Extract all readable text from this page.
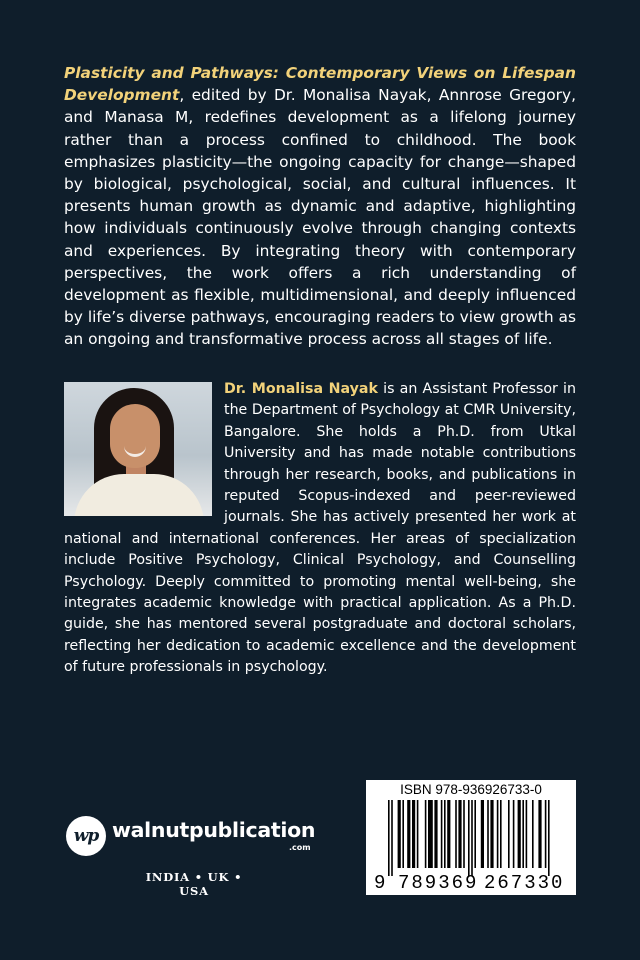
Plasticity and Pathways: Contemporary Views on Lifespan Development, edited by Dr. Monalisa Nayak, Annrose Gregory, and Manasa M, redefines development as a lifelong journey rather than a process confined to childhood. The book emphasizes plasticity—the ongoing capacity for change—shaped by biological, psychological, social, and cultural influences. It presents human growth as dynamic and adaptive, highlighting how individuals continuously evolve through changing contexts and experiences. By integrating theory with contemporary perspectives, the work offers a rich understanding of development as flexible, multidimensional, and deeply influenced by life’s diverse pathways, encouraging readers to view growth as an ongoing and transformative process across all stages of life.

Dr. Monalisa Nayak is an Assistant Professor in the Department of Psychology at CMR University, Bangalore. She holds a Ph.D. from Utkal University and has made notable contributions through her research, books, and publications in reputed Scopus-indexed and peer-reviewed journals. She has actively presented her work at national and international conferences. Her areas of specialization include Positive Psychology, Clinical Psychology, and Counselling Psychology. Deeply committed to promoting mental well-being, she integrates academic knowledge with practical application. As a Ph.D. guide, she has mentored several postgraduate and doctoral scholars, reflecting her dedication to academic excellence and the development of future professionals in psychology.
wp walnutpublication
.com
INDIA • UK • USA
ISBN 978-936926733-0
9 789369 267330
